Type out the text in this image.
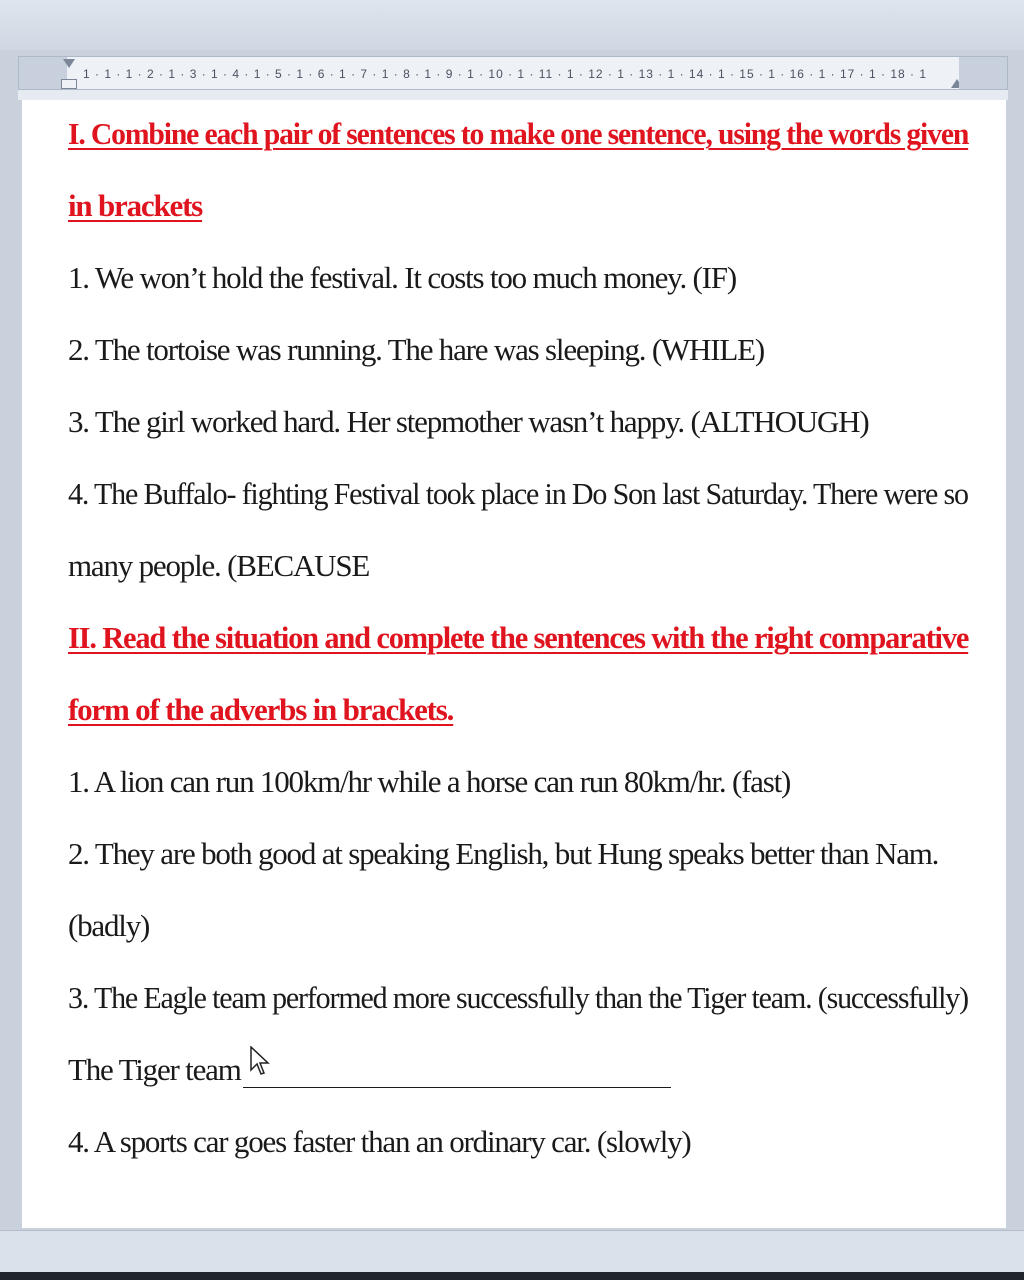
1 · 1 · 1 · 2 · 1 · 3 · 1 · 4 · 1 · 5 · 1 · 6 · 1 · 7 · 1 · 8 · 1 · 9 · 1 · 10 · 1 · 11 · 1 · 12 · 1 · 13 · 1 · 14 · 1 · 15 · 1 · 16 · 1 · 17 · 1 · 18 · 1
I. Combine each pair of sentences to make one sentence, using the words given
in brackets
1. We won’t hold the festival. It costs too much money. (IF)
2. The tortoise was running. The hare was sleeping. (WHILE)
3. The girl worked hard. Her stepmother wasn’t happy. (ALTHOUGH)
4. The Buffalo- fighting Festival took place in Do Son last Saturday. There were so
many people. (BECAUSE
II. Read the situation and complete the sentences with the right comparative
form of the adverbs in brackets.
1. A lion can run 100km/hr while a horse can run 80km/hr. (fast)
2. They are both good at speaking English, but Hung speaks better than Nam.
(badly)
3. The Eagle team performed more successfully than the Tiger team. (successfully)
The Tiger team
4. A sports car goes faster than an ordinary car. (slowly)
